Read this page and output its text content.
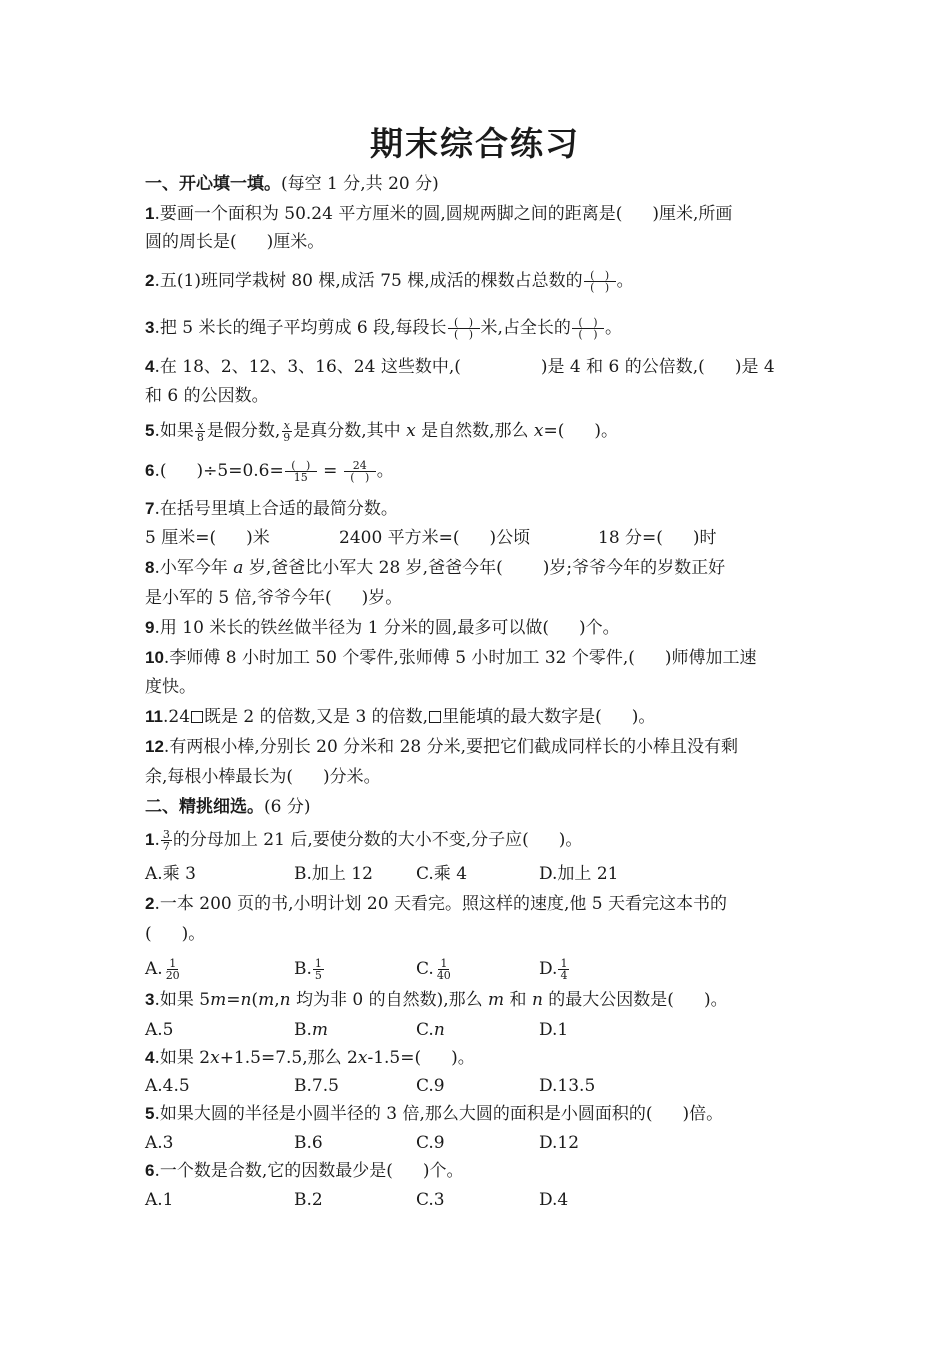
期末综合练习
一、开心填一填。(每空 1 分,共 20 分)
1.要画一个面积为 50.24 平方厘米的圆,圆规两脚之间的距离是( )厘米,所画
圆的周长是( )厘米。
2.五(1)班同学栽树 80 棵,成活 75 棵,成活的棵数占总数的 $\frac{( )}{( )}$ 。
3.把 5 米长的绳子平均剪成 6 段,每段长 $\frac{( )}{( )}$ 米,占全长的 $\frac{( )}{( )}$ 。
4.在 18、2、12、3、16、24 这些数中,(	)是 4 和 6 的公倍数,( )是 4
和 6 的公因数。
5.如果 $\frac{x}{8}$ 是假分数, $\frac{x}{9}$ 是真分数,其中 x 是自然数,那么 x=( )。
6.( )$\div 5=0.6= \frac{( )}{15} = \frac{24}{( )}$ 。
7.在括号里填上合适的最简分数。
5 厘米=( )米	2400 平方米=( )公顷	18 分=( )时
8.小军今年 a 岁,爸爸比小军大 28 岁,爸爸今年( )岁;爷爷今年的岁数正好
是小军的 5 倍,爷爷今年( )岁。
9.用 10 米长的铁丝做半径为 1 分米的圆,最多可以做( )个。
10.李师傅 8 小时加工 50 个零件,张师傅 5 小时加工 32 个零件,( )师傅加工速
度快。
11.24 既是 2 的倍数,又是 3 的倍数, 里能填的最大数字是( )。
12.有两根小棒,分别长 20 分米和 28 分米,要把它们截成同样长的小棒且没有剩
余,每根小棒最长为( )分米。
二、精挑细选。(6 分)
1. $\frac{3}{7}$ 的分母加上 21 后,要使分数的大小不变,分子应( )。
A.乘 3	B.加上 12	C.乘 4	D.加上 21
2.一本 200 页的书,小明计划 20 天看完。照这样的速度,他 5 天看完这本书的
( )。
A. $\frac{1}{20}$	B. $\frac{1}{5}$	C. $\frac{1}{40}$	D. $\frac{1}{4}$
3.如果 5m=n(m,n 均为非 0 的自然数),那么 m 和 n 的最大公因数是( )。
A.5	B.m	C.n	D.1
4.如果 2x+1.5=7.5,那么 2x-1.5=( )。
A.4.5	B.7.5	C.9	D.13.5
5.如果大圆的半径是小圆半径的 3 倍,那么大圆的面积是小圆面积的( )倍。
A.3	B.6	C.9	D.12
6.一个数是合数,它的因数最少是( )个。
A.1	B.2	C.3	D.4
